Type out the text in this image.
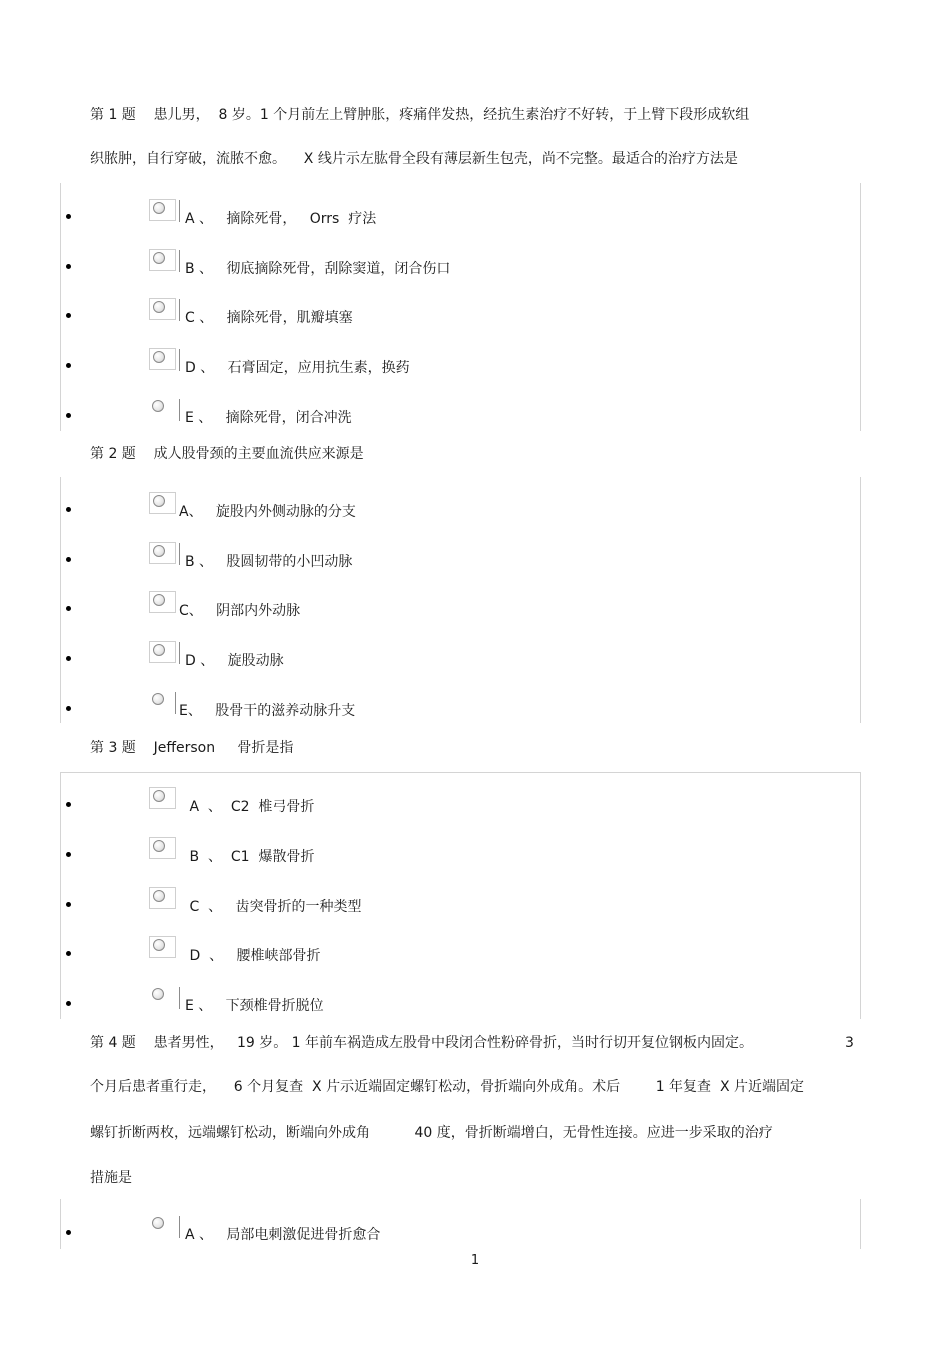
第 1 题    患儿男，  8 岁。1 个月前左上臂肿胀，疼痛伴发热，经抗生素治疗不好转，于上臂下段形成软组
织脓肿，自行穿破，流脓不愈。    X 线片示左肱骨全段有薄层新生包壳，尚不完整。最适合的治疗方法是
A 、   摘除死骨，   Orrs  疗法
B 、   彻底摘除死骨，刮除窦道，闭合伤口
C 、   摘除死骨，肌瓣填塞
D 、   石膏固定，应用抗生素，换药
E 、   摘除死骨，闭合冲洗
第 2 题    成人股骨颈的主要血流供应来源是
A、   旋股内外侧动脉的分支
B 、   股圆韧带的小凹动脉
C、   阴部内外动脉
D 、   旋股动脉
E、   股骨干的滋养动脉升支
第 3 题    Jefferson     骨折是指
A  、  C2  椎弓骨折
B  、  C1  爆散骨折
C  、   齿突骨折的一种类型
D  、   腰椎峡部骨折
E 、   下颈椎骨折脱位
第 4 题    患者男性，   19 岁。 1 年前车祸造成左股骨中段闭合性粉碎骨折，当时行切开复位钢板内固定。	3
个月后患者重行走，    6 个月复查  X 片示近端固定螺钉松动，骨折端向外成角。术后        1 年复查  X 片近端固定
螺钉折断两枚，远端螺钉松动，断端向外成角          40 度，骨折断端增白，无骨性连接。应进一步采取的治疗
措施是
A 、   局部电刺激促进骨折愈合
1
